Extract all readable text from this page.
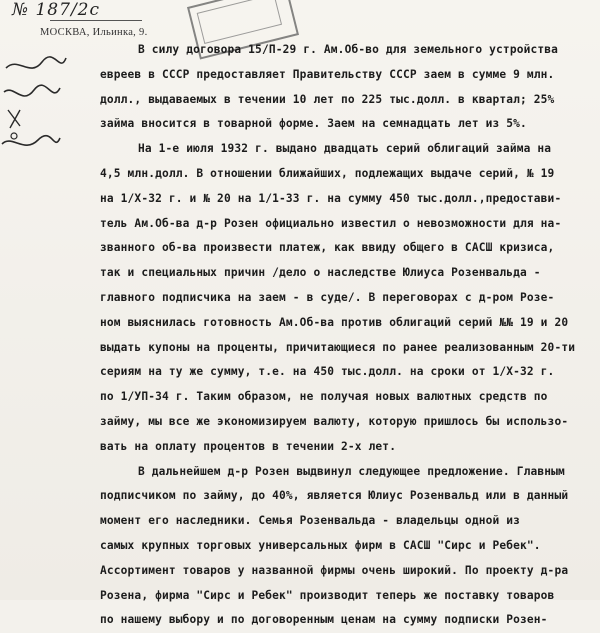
№ 187/2c
МОСКВА, Ильинка, 9.
В силу договора 15/П-29 г. Ам.Об-во для земельного устройства
евреев в СССР предоставляет Правительству СССР заем в сумме 9 млн.
долл., выдаваемых в течении 10 лет по 225 тыс.долл. в квартал; 25%
займа вносится в товарной форме. Заем на семнадцать лет из 5%.
На 1-е июля 1932 г. выдано двадцать серий облигаций займа на
4,5 млн.долл. В отношении ближайших, подлежащих выдаче серий, № 19
на 1/Х-32 г. и № 20 на 1/1-33 г. на сумму 450 тыс.долл.,предостави-
тель Ам.Об-ва д-р Розен официально известил о невозможности для на-
званного об-ва произвести платеж, как ввиду общего в САСШ кризиса,
так и специальных причин /дело о наследстве Юлиуса Розенвальда -
главного подписчика на заем - в суде/. В переговорах с д-ром Розе-
ном выяснилась готовность Ам.Об-ва против облигаций серий №№ 19 и 20
выдать купоны на проценты, причитающиеся по ранее реализованным 20-ти
сериям на ту же сумму, т.е. на 450 тыс.долл. на сроки от 1/Х-32 г.
по 1/УП-34 г. Таким образом, не получая новых валютных средств по
займу, мы все же экономизируем валюту, которую пришлось бы использо-
вать на оплату процентов в течении 2-х лет.
В дальнейшем д-р Розен выдвинул следующее предложение. Главным
подписчиком по займу, до 40%, является Юлиус Розенвальд или в данный
момент его наследники. Семья Розенвальда - владельцы одной из
самых крупных торговых универсальных фирм в САСШ "Сирс и Ребек".
Ассортимент товаров у названной фирмы очень широкий. По проекту д-ра
Розена, фирма "Сирс и Ребек" производит теперь же поставку товаров
по нашему выбору и по договоренным ценам на сумму подписки Розен-
